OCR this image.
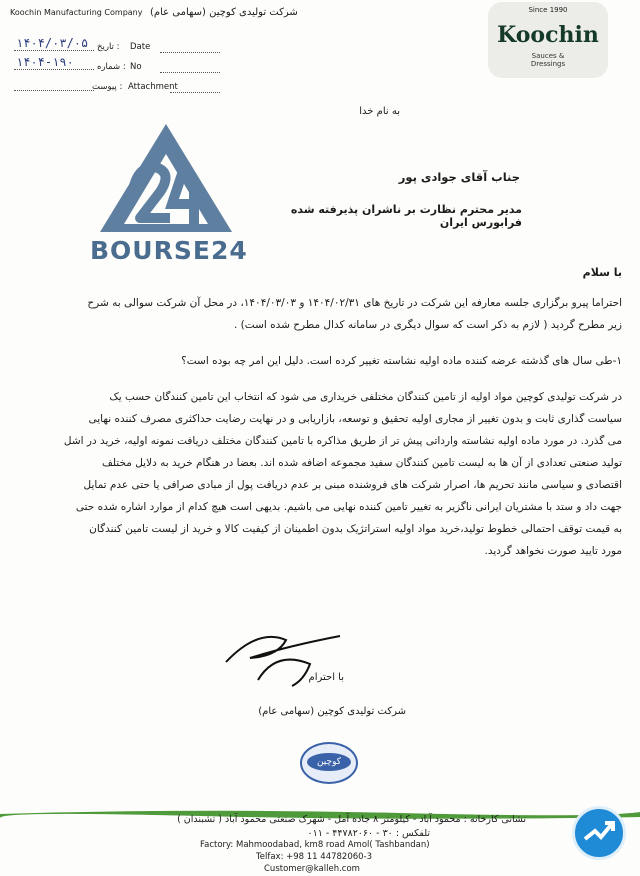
Koochin Manufacturing Company شرکت تولیدی کوچین (سهامی عام)
۱۴۰۴/۰۳/۰۵ تاریخ : Date
۱۴۰۴-۱۹۰	شماره : No
پیوست : Attachment
Since 1990
Koochin
Sauces &
Dressings
به نام خدا
BOURSE24
جناب آقای جوادی پور
مدیر محترم نظارت بر ناشران پذیرفته شده فرابورس ایران
با سلام
احتراما پیرو برگزاری جلسه معارفه این شرکت در تاریخ های ۱۴۰۴/۰۲/۳۱ و ۱۴۰۴/۰۳/۰۳، در محل آن شرکت سوالی به شرح
زیر مطرح گردید ( لازم به ذکر است که سوال دیگری در سامانه کدال مطرح شده است) .
۱-طی سال های گذشته عرضه کننده ماده اولیه نشاسته تغییر کرده است. دلیل این امر چه بوده است؟
در شرکت تولیدی کوچین مواد اولیه از تامین کنندگان مختلفی خریداری می شود که انتخاب این تامین کنندگان حسب یک
سیاست گذاری ثابت و بدون تغییر از مجاری اولیه تحقیق و توسعه، بازاریابی و در نهایت رضایت حداکثری مصرف کننده نهایی
می گذرد. در مورد ماده اولیه نشاسته وارداتی پیش تر از طریق مذاکره با تامین کنندگان مختلف دریافت نمونه اولیه، خرید در اشل
تولید صنعتی تعدادی از آن ها به لیست تامین کنندگان سفید مجموعه اضافه شده اند. بعضا در هنگام خرید به دلایل مختلف
اقتصادی و سیاسی مانند تحریم ها، اصرار شرکت های فروشنده مبنی بر عدم دریافت پول از مبادی صرافی یا حتی عدم تمایل
جهت داد و ستد با مشتریان ایرانی ناگزیر به تغییر تامین کننده نهایی می باشیم. بدیهی است هیچ کدام از موارد اشاره شده حتی
به قیمت توقف احتمالی خطوط تولید،خرید مواد اولیه استراتژیک بدون اطمینان از کیفیت کالا و خرید از لیست تامین کنندگان
مورد تایید صورت نخواهد گردید.
با احترام
شرکت تولیدی کوچین (سهامی عام)
کوچین
نشانی کارخانه : محمود آباد - کیلومتر ۸ جاده آمل - شهرک صنعتی محمود آباد ( تشبندان )
تلفکس : ۳۰ - ۴۴۷۸۲۰۶۰ - ۰۱۱
Factory: Mahmoodabad, km8 road Amol( Tashbandan)
Telfax: +98 11 44782060-3
Customer@kalleh.com
